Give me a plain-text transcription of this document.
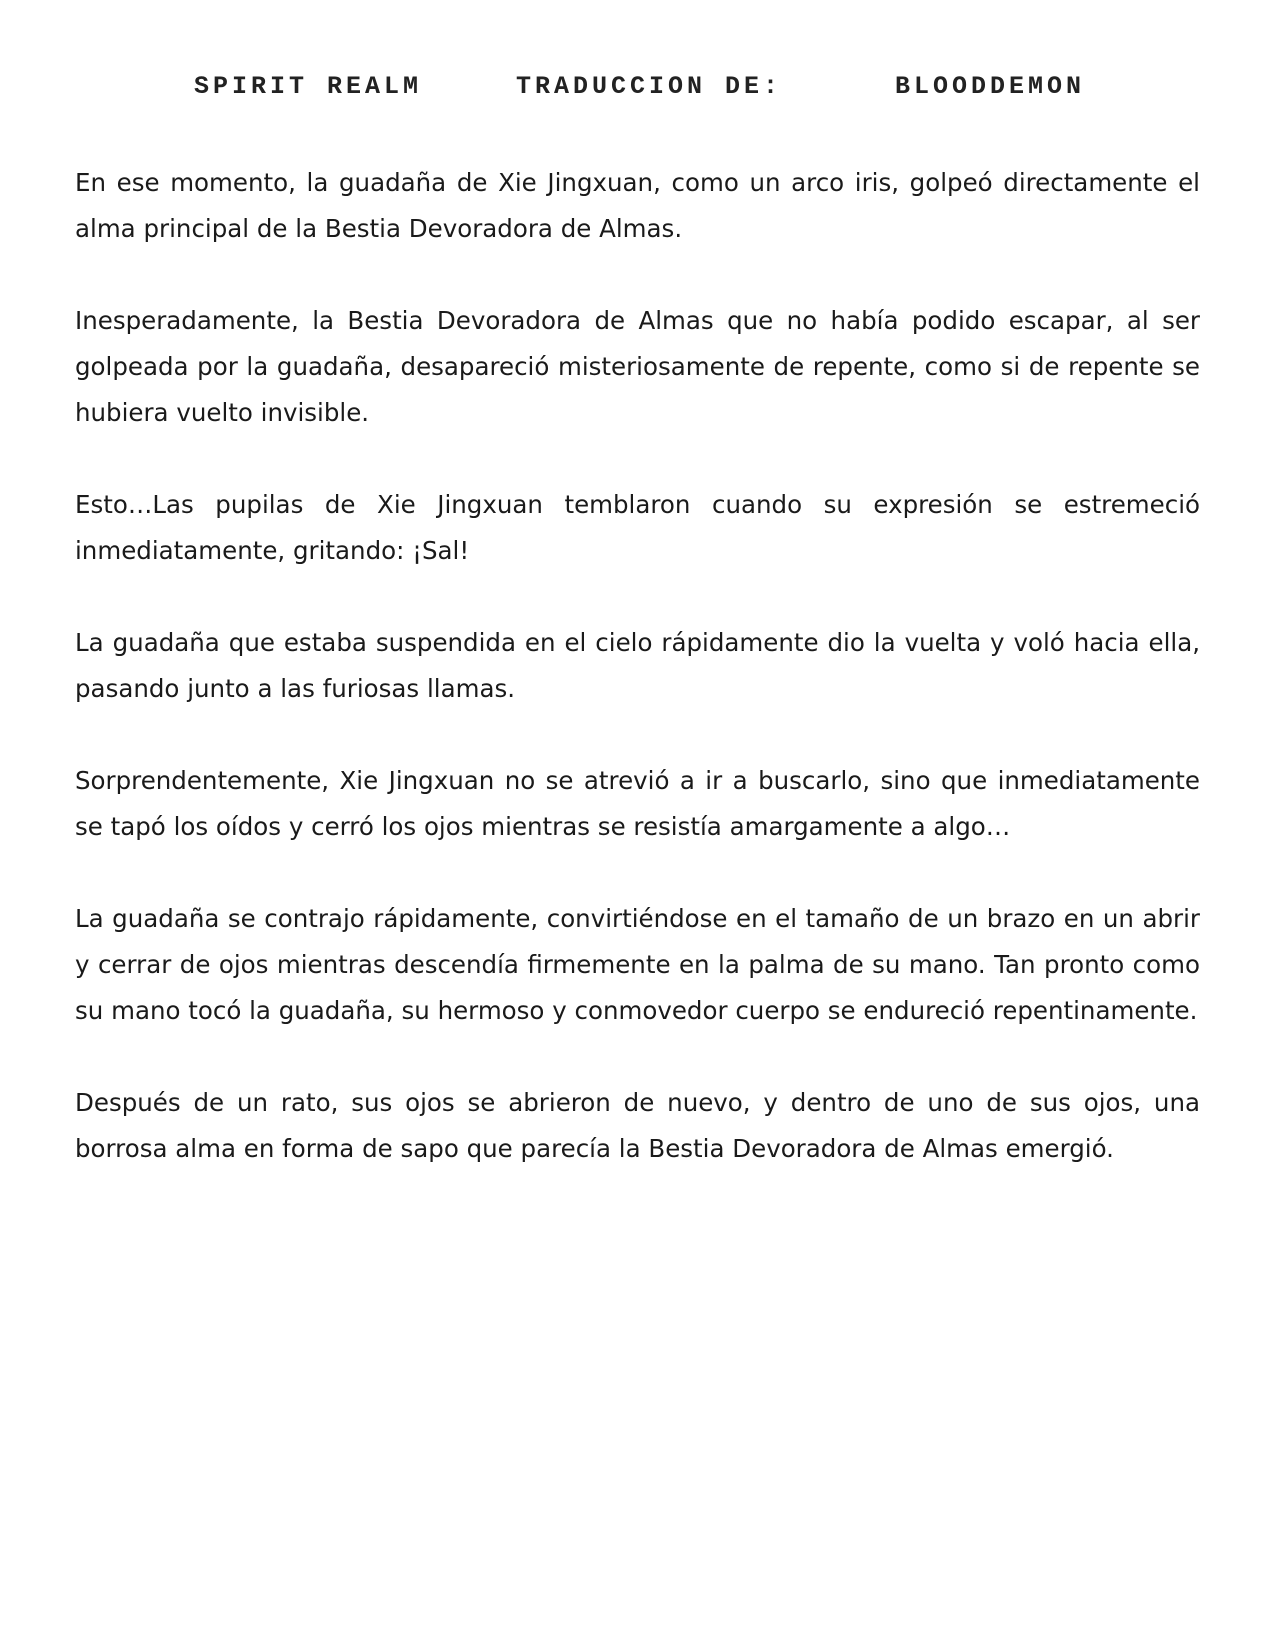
SPIRIT REALM	TRADUCCION DE:	BLOODDEMON

En ese momento, la guadaña de Xie Jingxuan, como un arco iris, golpeó directamente el alma principal de la Bestia Devoradora de Almas.

Inesperadamente, la Bestia Devoradora de Almas que no había podido escapar, al ser golpeada por la guadaña, desapareció misteriosamente de repente, como si de repente se hubiera vuelto invisible.

Esto…Las pupilas de Xie Jingxuan temblaron cuando su expresión se estremeció inmediatamente, gritando: ¡Sal!

La guadaña que estaba suspendida en el cielo rápidamente dio la vuelta y voló hacia ella, pasando junto a las furiosas llamas.

Sorprendentemente, Xie Jingxuan no se atrevió a ir a buscarlo, sino que inmediatamente se tapó los oídos y cerró los ojos mientras se resistía amargamente a algo…

La guadaña se contrajo rápidamente, convirtiéndose en el tamaño de un brazo en un abrir y cerrar de ojos mientras descendía firmemente en la palma de su mano. Tan pronto como su mano tocó la guadaña, su hermoso y conmovedor cuerpo se endureció repentinamente.

Después de un rato, sus ojos se abrieron de nuevo, y dentro de uno de sus ojos, una borrosa alma en forma de sapo que parecía la Bestia Devoradora de Almas emergió.
